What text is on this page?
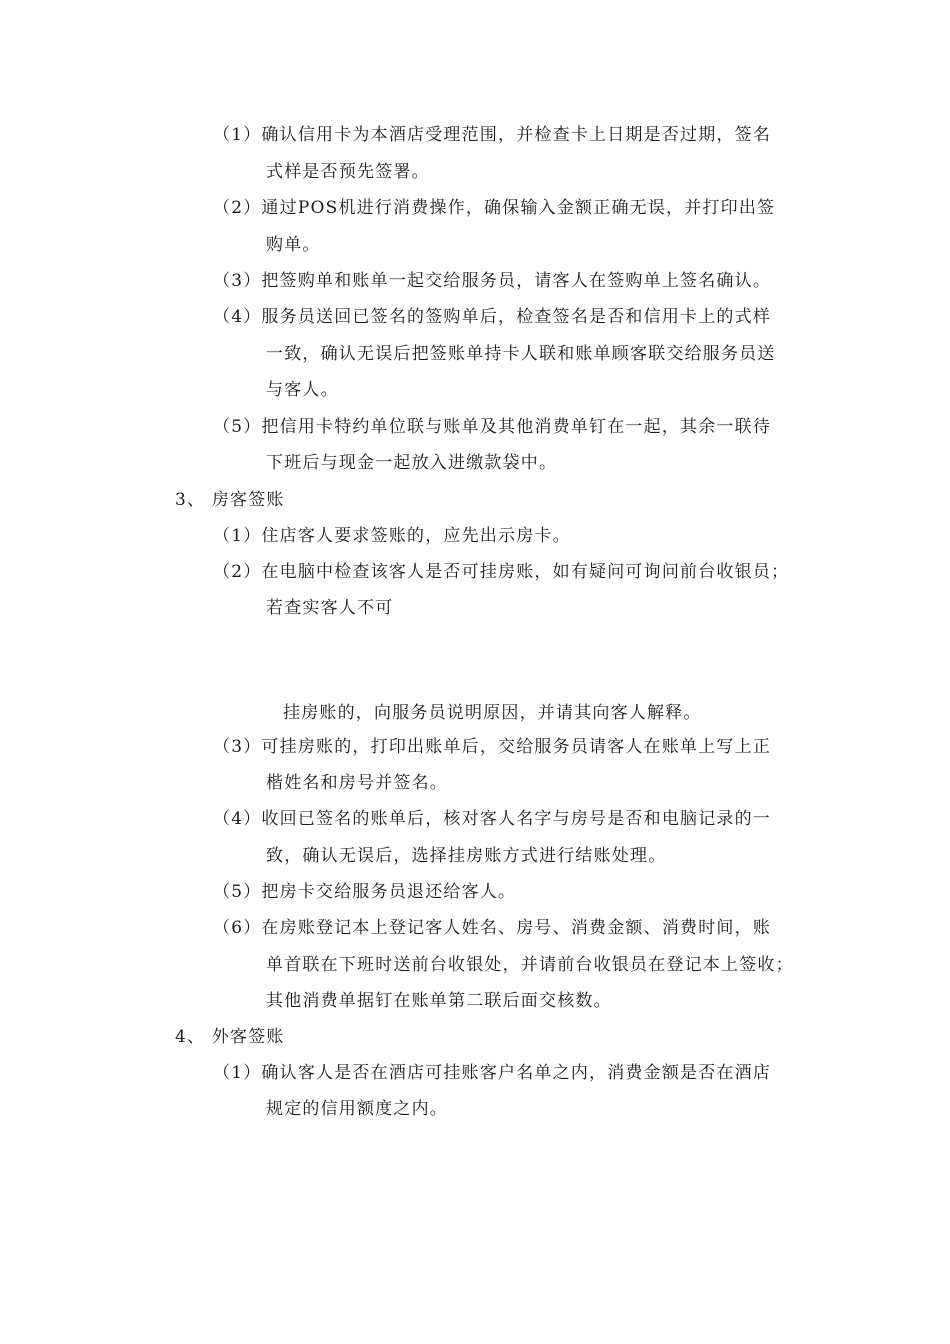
（1）确认信用卡为本酒店受理范围，并检查卡上日期是否过期，签名
式样是否预先签署。
（2）通过POS机进行消费操作，确保输入金额正确无误，并打印出签
购单。
（3）把签购单和账单一起交给服务员，请客人在签购单上签名确认。
（4）服务员送回已签名的签购单后，检查签名是否和信用卡上的式样
一致，确认无误后把签账单持卡人联和账单顾客联交给服务员送
与客人。
（5）把信用卡特约单位联与账单及其他消费单钉在一起，其余一联待
下班后与现金一起放入进缴款袋中。
3、 房客签账
（1）住店客人要求签账的，应先出示房卡。
（2）在电脑中检查该客人是否可挂房账，如有疑问可询问前台收银员；
若查实客人不可
挂房账的，向服务员说明原因，并请其向客人解释。
（3）可挂房账的，打印出账单后，交给服务员请客人在账单上写上正
楷姓名和房号并签名。
（4）收回已签名的账单后，核对客人名字与房号是否和电脑记录的一
致，确认无误后，选择挂房账方式进行结账处理。
（5）把房卡交给服务员退还给客人。
（6）在房账登记本上登记客人姓名、房号、消费金额、消费时间，账
单首联在下班时送前台收银处，并请前台收银员在登记本上签收；
其他消费单据钉在账单第二联后面交核数。
4、 外客签账
（1）确认客人是否在酒店可挂账客户名单之内，消费金额是否在酒店
规定的信用额度之内。
